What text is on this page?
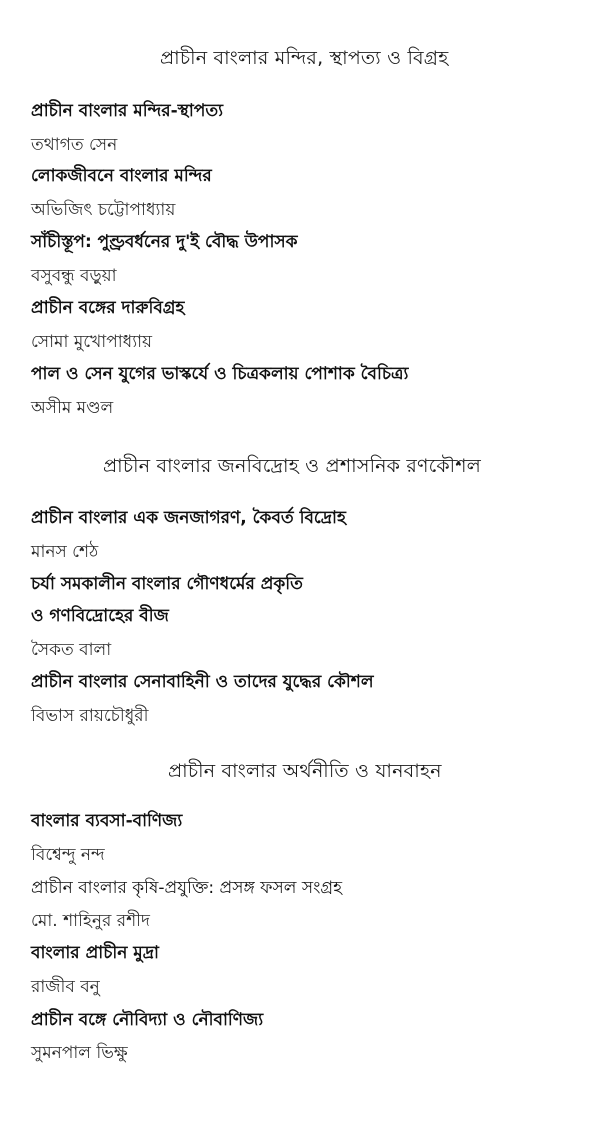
প্রাচীন বাংলার মন্দির, স্থাপত্য ও বিগ্রহ
প্রাচীন বাংলার মন্দির-স্থাপত্য
তথাগত সেন
লোকজীবনে বাংলার মন্দির
অভিজিৎ চট্টোপাধ্যায়
সাঁচীস্তূপ: পুণ্ড্রবর্ধনের দু'ই বৌদ্ধ উপাসক
বসুবন্ধু বড়ুয়া
প্রাচীন বঙ্গের দারুবিগ্রহ
সোমা মুখোপাধ্যায়
পাল ও সেন যুগের ভাস্কর্যে ও চিত্রকলায় পোশাক বৈচিত্র্য
অসীম মণ্ডল
প্রাচীন বাংলার জনবিদ্রোহ ও প্রশাসনিক রণকৌশল
প্রাচীন বাংলার এক জনজাগরণ, কৈবর্ত বিদ্রোহ
মানস শেঠ
চর্যা সমকালীন বাংলার গৌণধর্মের প্রকৃতি
ও গণবিদ্রোহের বীজ
সৈকত বালা
প্রাচীন বাংলার সেনাবাহিনী ও তাদের যুদ্ধের কৌশল
বিভাস রায়চৌধুরী
প্রাচীন বাংলার অর্থনীতি ও যানবাহন
বাংলার ব্যবসা-বাণিজ্য
বিশ্বেন্দু নন্দ
প্রাচীন বাংলার কৃষি-প্রযুক্তি: প্রসঙ্গ ফসল সংগ্রহ
মো. শাহিনুর রশীদ
বাংলার প্রাচীন মুদ্রা
রাজীব বনু
প্রাচীন বঙ্গে নৌবিদ্যা ও নৌবাণিজ্য
সুমনপাল ভিক্ষু
